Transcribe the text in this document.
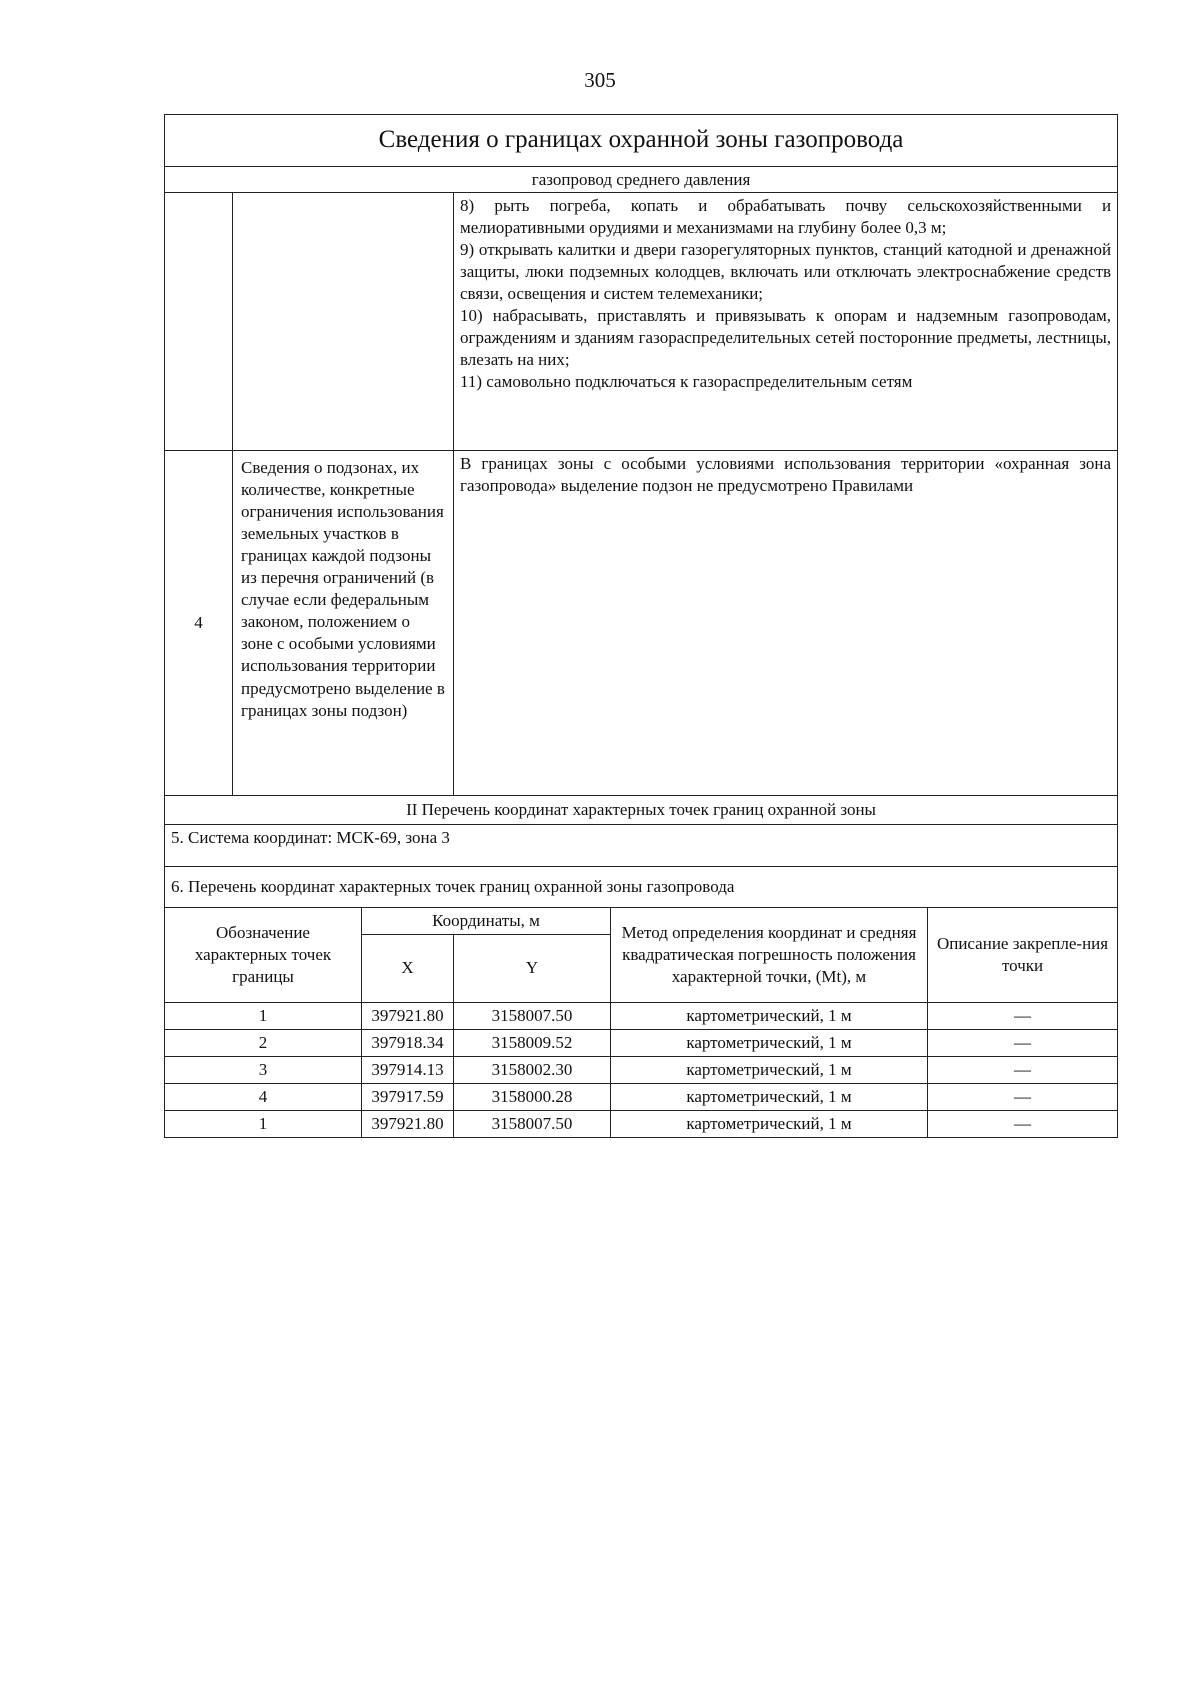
305
Сведения о границах охранной зоны газопровода					
газопровод среднего давления					

			8) рыть погреба, копать и обрабатывать почву сельскохозяйственными и мелиоративными орудиями и механизмами на глубину более 0,3 м;
9) открывать калитки и двери газорегуляторных пунктов, станций катодной и дренажной защиты, люки подземных колодцев, включать или отключать электроснабжение средств связи, освещения и систем телемеханики;
10) набрасывать, приставлять и привязывать к опорам и надземным газопроводам, ограждениям и зданиям газораспределительных сетей посторонние предметы, лестницы, влезать на них;
11) самовольно подключаться к газораспределительным сетям		

4	Сведения о подзонах, их количестве, конкретные ограничения использования земельных участков в границах каждой подзоны из перечня ограничений (в случае если федеральным законом, положением о зоне с особыми условиями использования территории предусмотрено выделение в границах зоны подзон)		В границах зоны с особыми условиями использования территории «охранная зона газопровода» выделение подзон не предусмотрено Правилами		
II Перечень координат характерных точек границ охранной зоны					
5. Система координат: МСК-69, зона 3					
6. Перечень координат характерных точек границ охранной зоны газопровода					
Обозначение характерных точек границы		Координаты, м		Метод определения координат и средняя квадратическая погрешность положения характерной точки, (Mt), м	Описание закрепле-ния точки
		X	Y		
1		397921.80	3158007.50	картометрический, 1 м	—
2		397918.34	3158009.52	картометрический, 1 м	—
3		397914.13	3158002.30	картометрический, 1 м	—
4		397917.59	3158000.28	картометрический, 1 м	—
1		397921.80	3158007.50	картометрический, 1 м	—
